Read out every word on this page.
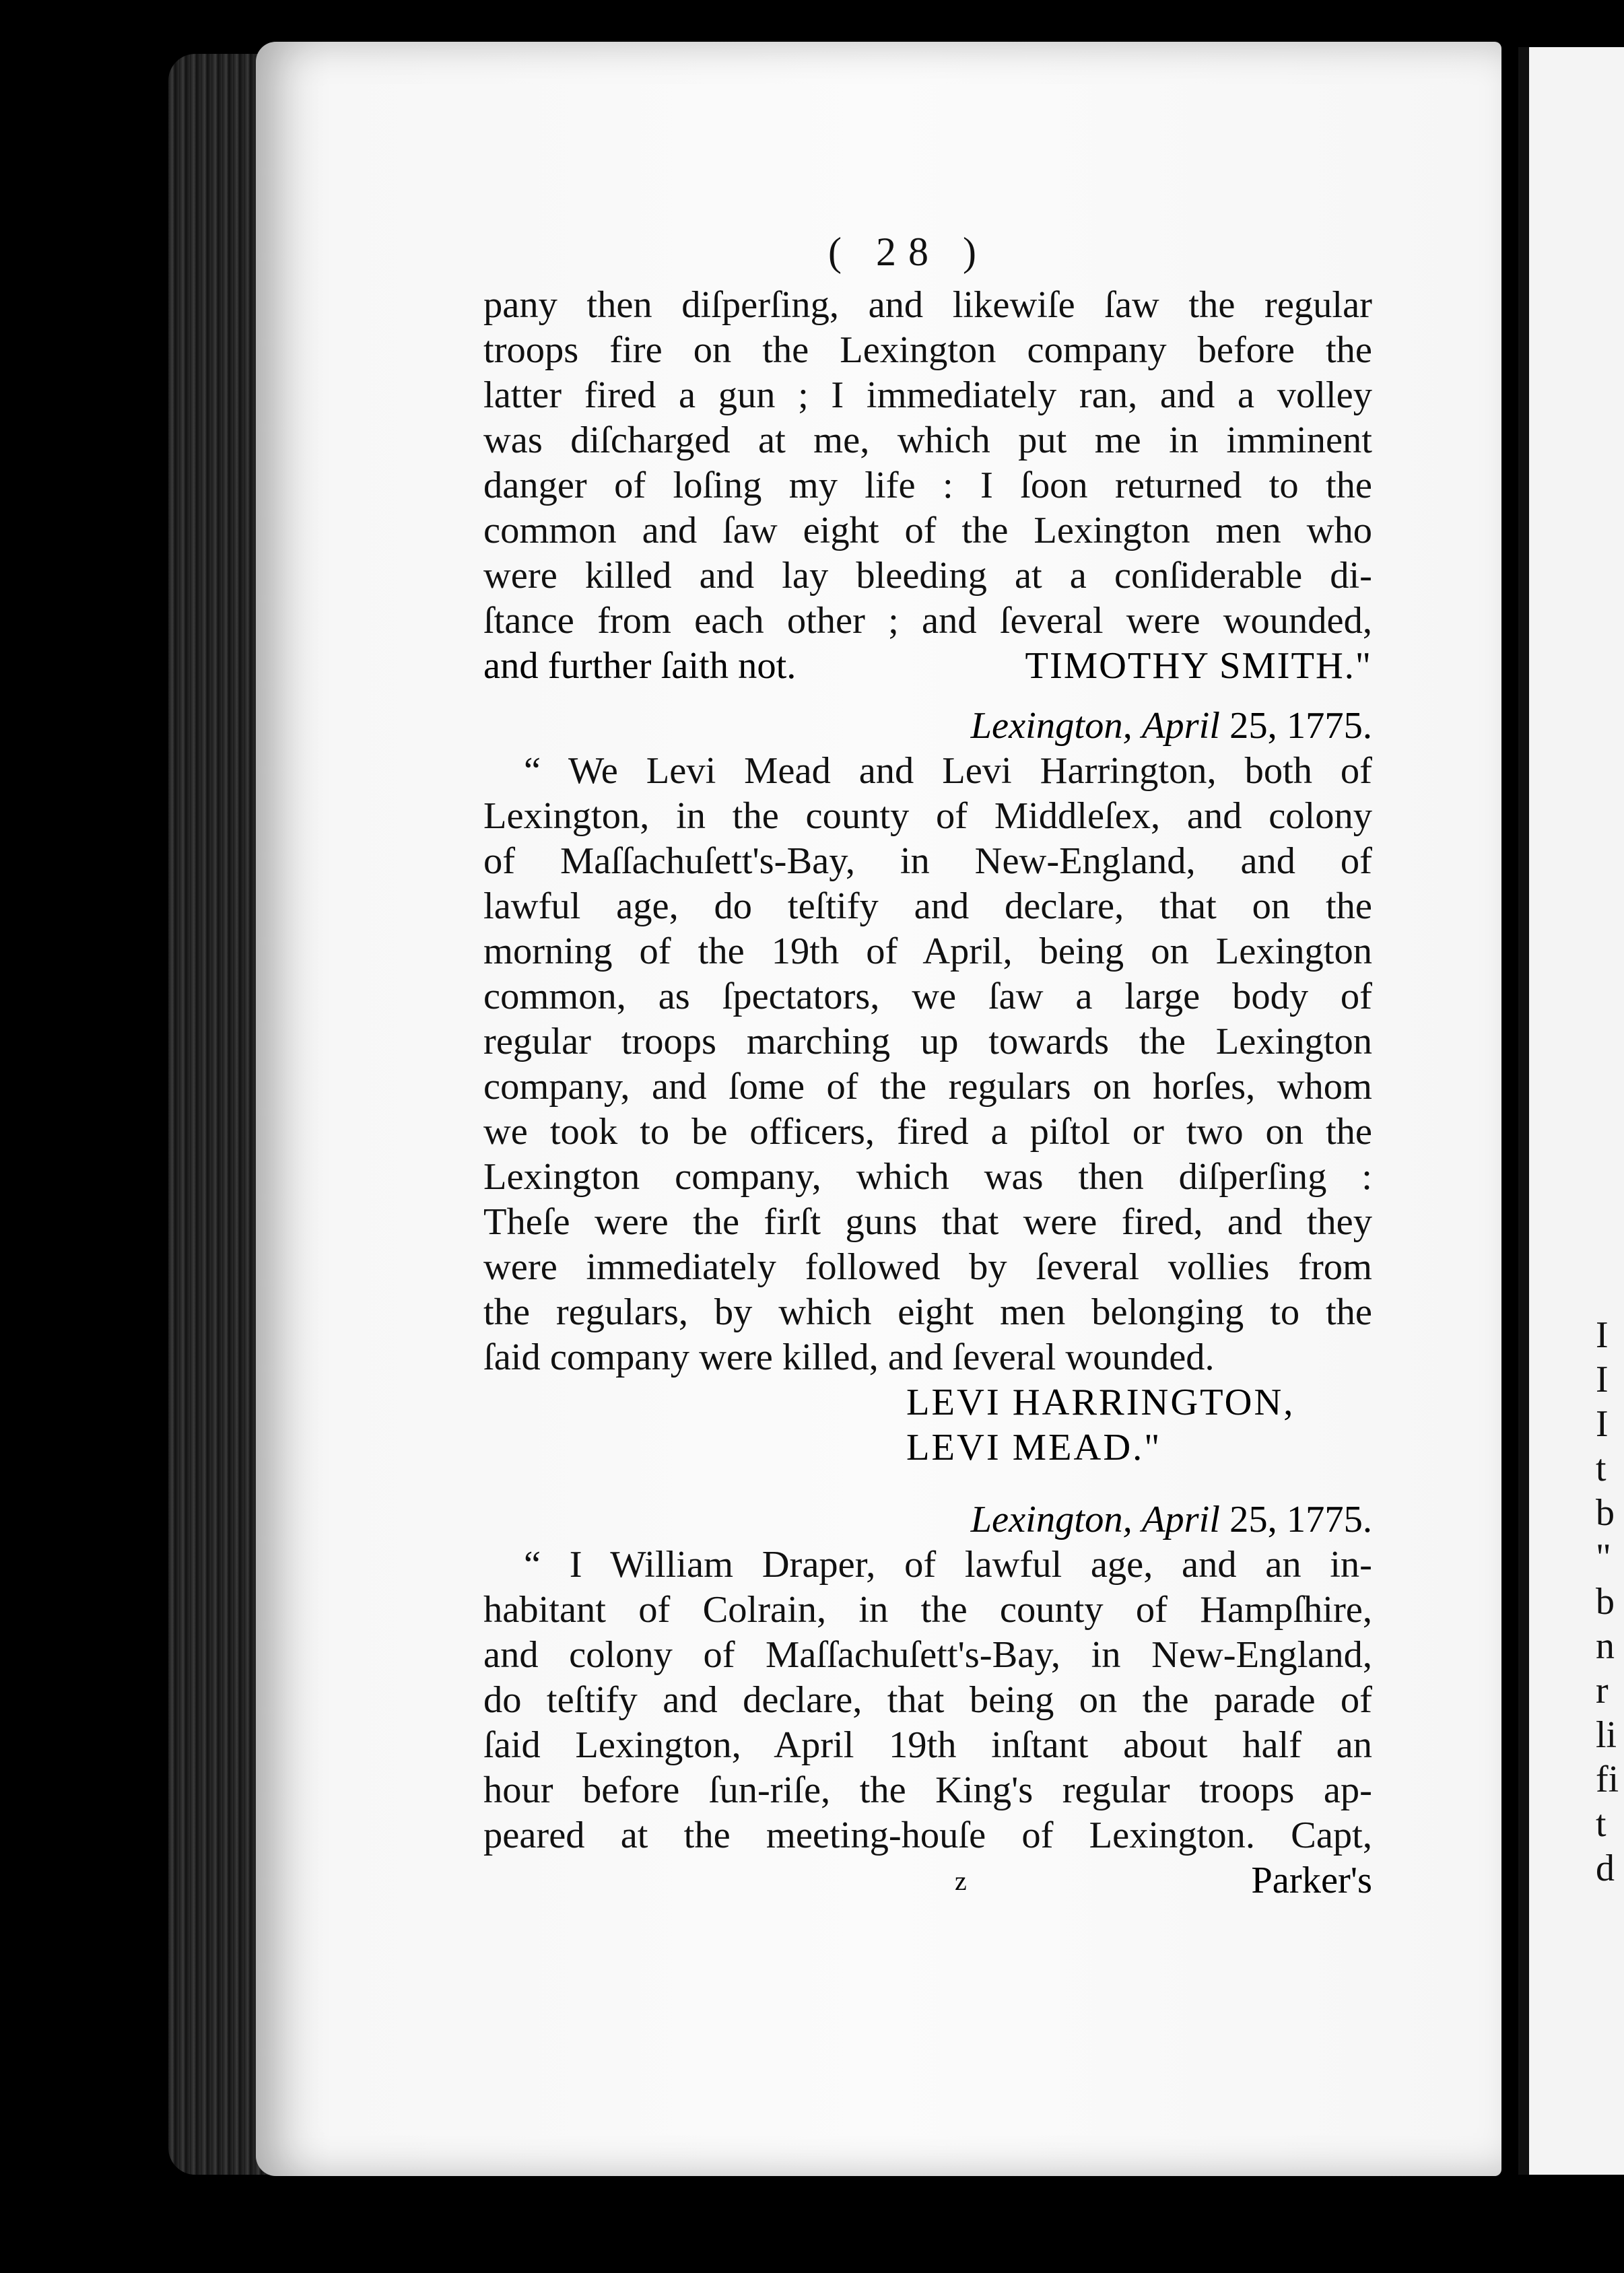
I
I
I
t
b
"
b
n
r
li
fi
t
d
( 28 )
pany then diſperſing, and likewiſe ſaw the regular
troops fire on the Lexington company before the
latter fired a gun ; I immediately ran, and a volley
was diſcharged at me, which put me in imminent
danger of loſing my life : I ſoon returned to the
common and ſaw eight of the Lexington men who
were killed and lay bleeding at a conſiderable di-
ſtance from each other ; and ſeveral were wounded,
and further ſaith not.	TIMOTHY SMITH."
Lexington, April 25, 1775.
“ We Levi Mead and Levi Harrington, both of
Lexington, in the county of Middleſex, and colony
of Maſſachuſett's-Bay, in New-England, and of
lawful age, do teſtify and declare, that on the
morning of the 19th of April, being on Lexington
common, as ſpectators, we ſaw a large body of
regular troops marching up towards the Lexington
company, and ſome of the regulars on horſes, whom
we took to be officers, fired a piſtol or two on the
Lexington company, which was then diſperſing :
Theſe were the firſt guns that were fired, and they
were immediately followed by ſeveral vollies from
the regulars, by which eight men belonging to the
ſaid company were killed, and ſeveral wounded.
LEVI HARRINGTON,
LEVI MEAD."
Lexington, April 25, 1775.
“ I William Draper, of lawful age, and an in-
habitant of Colrain, in the county of Hampſhire,
and colony of Maſſachuſett's-Bay, in New-England,
do teſtify and declare, that being on the parade of
ſaid Lexington, April 19th inſtant about half an
hour before ſun-riſe, the King's regular troops ap-
peared at the meeting-houſe of Lexington. Capt,
z	Parker's
